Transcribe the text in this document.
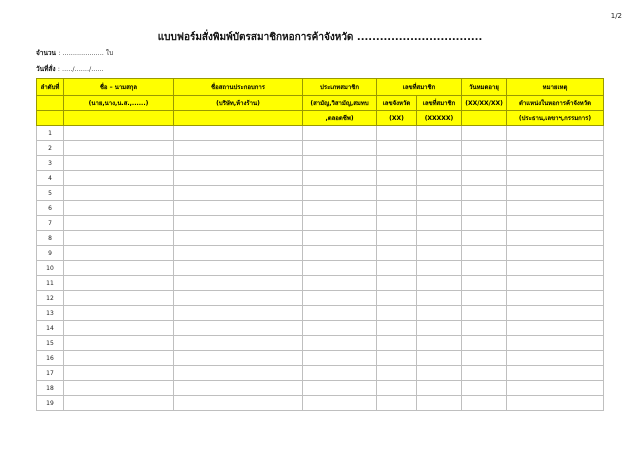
1/2
แบบฟอร์มสั่งพิมพ์บัตรสมาชิกหอการค้าจังหวัด .................................
จำนวน : .................... ใบ
วันที่สั่ง : ...../......./......
ลำดับที่	ชื่อ – นามสกุล	ชื่อสถานประกอบการ	ประเภทสมาชิก	เลขที่สมาชิก		วันหมดอายุ	หมายเหตุ
	(นาย,นาง,น.ส.,......)	(บริษัท,ห้างร้าน)	(สามัญ,วิสามัญ,สมทบ	เลขจังหวัด	เลขที่สมาชิก	(XX/XX/XX)	ตำแหน่งในหอการค้าจังหวัด
			,ตลอดชีพ)	(XX)	(XXXXX)		(ประธาน,เลขาฯ,กรรมการ)
1							
2							
3							
4							
5							
6							
7							
8							
9							
10							
11							
12							
13							
14							
15							
16							
17							
18							
19							
